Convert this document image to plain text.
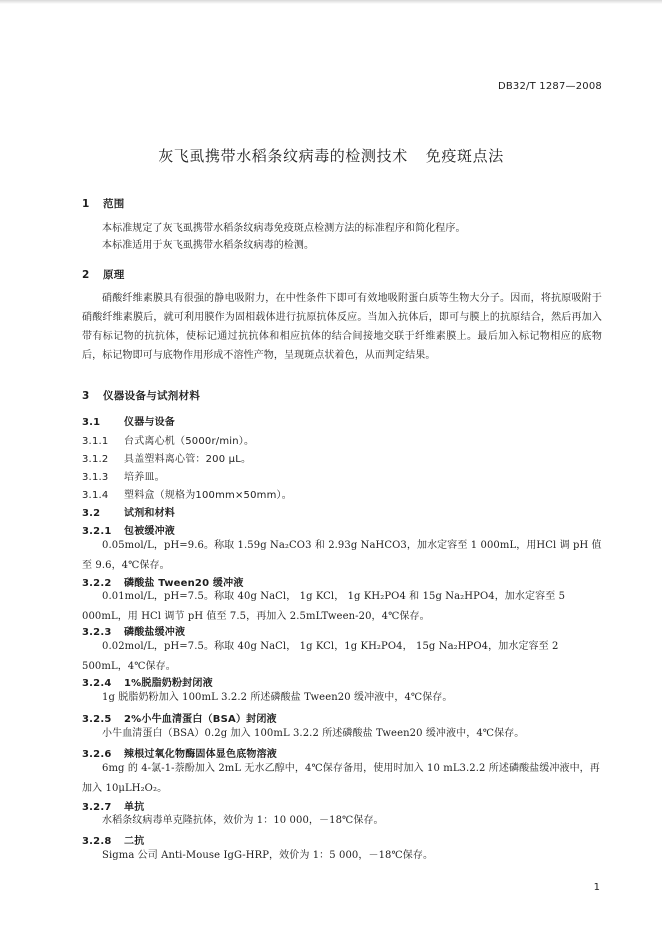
DB32/T 1287—2008
灰飞虱携带水稻条纹病毒的检测技术 免疫斑点法
1 范围
本标准规定了灰飞虱携带水稻条纹病毒免疫斑点检测方法的标准程序和简化程序。
本标准适用于灰飞虱携带水稻条纹病毒的检测。
2 原理
硝酸纤维素膜具有很强的静电吸附力，在中性条件下即可有效地吸附蛋白质等生物大分子。因而，将抗原吸附于硝酸纤维素膜后，就可利用膜作为固相载体进行抗原抗体反应。当加入抗体后，即可与膜上的抗原结合，然后再加入带有标记物的抗抗体，使标记通过抗抗体和相应抗体的结合间接地交联于纤维素膜上。最后加入标记物相应的底物后，标记物即可与底物作用形成不溶性产物，呈现斑点状着色，从而判定结果。
3 仪器设备与试剂材料
3.1 仪器与设备
3.1.1 台式离心机（5000r/min）。
3.1.2 具盖塑料离心管：200 μL。
3.1.3 培养皿。
3.1.4 塑料盒（规格为100mm×50mm）。
3.2 试剂和材料
3.2.1 包被缓冲液
0.05mol/L，pH=9.6。称取 1.59g Na₂CO3 和 2.93g NaHCO3，加水定容至 1 000mL，用HCl 调 pH 值至 9.6，4℃保存。
3.2.2 磷酸盐 Tween20 缓冲液
0.01mol/L，pH=7.5。称取 40g NaCl， 1g KCl， 1g KH₂PO4 和 15g Na₂HPO4，加水定容至 5 000mL，用 HCl 调节 pH 值至 7.5，再加入 2.5mLTween-20，4℃保存。
3.2.3 磷酸盐缓冲液
0.02mol/L，pH=7.5。称取 40g NaCl， 1g KCl，1g KH₂PO4， 15g Na₂HPO4，加水定容至 2 500mL，4℃保存。
3.2.4 1%脱脂奶粉封闭液
1g 脱脂奶粉加入 100mL 3.2.2 所述磷酸盐 Tween20 缓冲液中，4℃保存。
3.2.5 2%小牛血清蛋白（BSA）封闭液
小牛血清蛋白（BSA）0.2g 加入 100mL 3.2.2 所述磷酸盐 Tween20 缓冲液中，4℃保存。
3.2.6 辣根过氧化物酶固体显色底物溶液
6mg 的 4-氯-1-萘酚加入 2mL 无水乙醇中，4℃保存备用，使用时加入 10 mL3.2.2 所述磷酸盐缓冲液中，再加入 10μLH₂O₂。
3.2.7 单抗
水稻条纹病毒单克隆抗体，效价为 1：10 000，－18℃保存。
3.2.8 二抗
Sigma 公司 Anti-Mouse IgG-HRP，效价为 1：5 000，－18℃保存。
1
